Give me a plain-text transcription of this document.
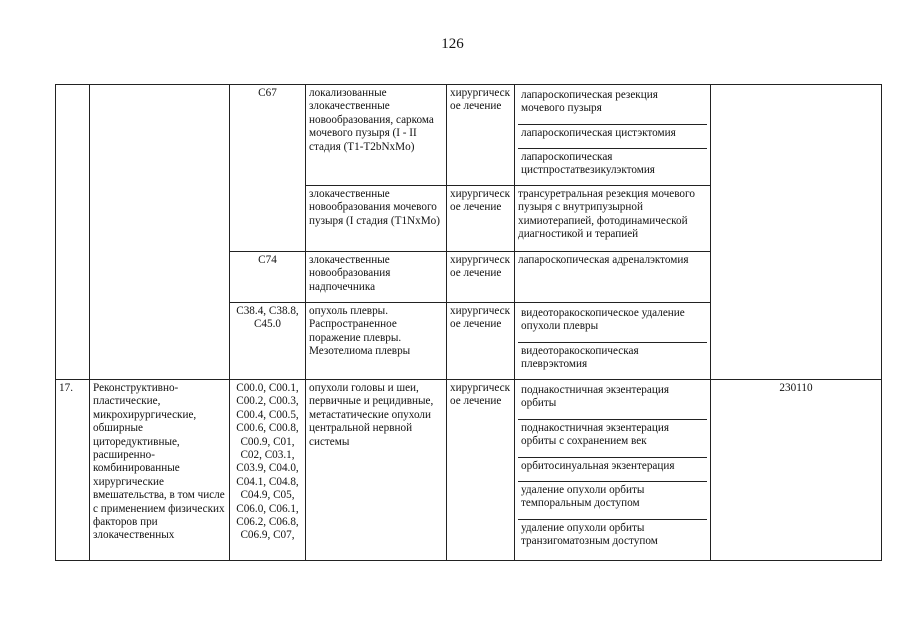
126
		C67	локализованные злокачественные новообразования, саркома мочевого пузыря (I - II стадия (T1-T2bNxMo)	хирургическ ое лечение	лапароскопическая резекция мочевого пузыря
лапароскопическая цистэктомия
лапароскопическая цистпростатвезикулэктомия	

			злокачественные новообразования мочевого пузыря (I стадия (T1NxMo)	хирургическ ое лечение	трансуретральная резекция мочевого пузыря с внутрипузырной химиотерапией, фотодинамической диагностикой и терапией	
		C74	злокачественные новообразования надпочечника	хирургическ ое лечение	лапароскопическая адреналэктомия	
		C38.4, C38.8, C45.0	опухоль плевры. Распространенное поражение плевры. Мезотелиома плевры	хирургическ ое лечение	видеоторакоскопическое удаление опухоли плевры
видеоторакоскопическая плеврэктомия	

17.	Реконструктивно-пластические, микрохирургические, обширные циторедуктивные, расширенно-комбинированные хирургические вмешательства, в том числе с применением физических факторов при злокачественных	C00.0, C00.1, C00.2, C00.3, C00.4, C00.5, C00.6, C00.8, C00.9, C01, C02, C03.1, C03.9, C04.0, C04.1, C04.8, C04.9, C05, C06.0, C06.1, C06.2, C06.8, C06.9, C07,	опухоли головы и шеи, первичные и рецидивные, метастатические опухоли центральной нервной системы	хирургическ ое лечение	поднакостничная экзентерация орбиты
поднакостничная экзентерация орбиты с сохранением век
орбитосинуальная экзентерация
удаление опухоли орбиты темпоральным доступом
удаление опухоли орбиты транзигоматозным доступом	230110
